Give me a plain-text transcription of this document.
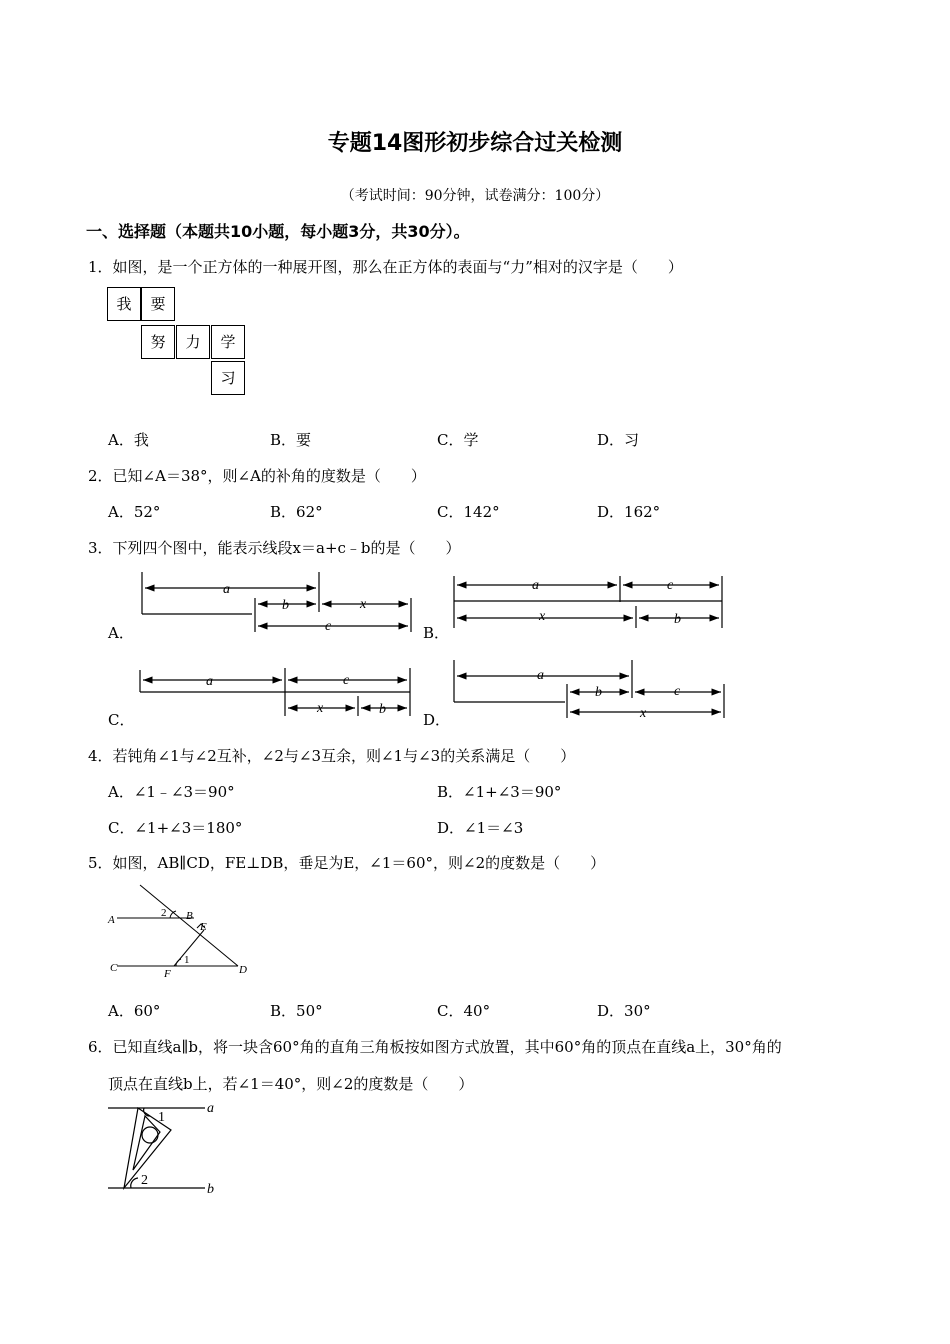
专题14图形初步综合过关检测
（考试时间：90分钟，试卷满分：100分）
一、选择题（本题共10小题，每小题3分，共30分）。
1．如图，是一个正方体的一种展开图，那么在正方体的表面与“力”相对的汉字是（　　）
我	要
努	力	学
习
A．我	B．要	C．学	D．习
2．已知∠A＝38°，则∠A的补角的度数是（　　）
A．52°	B．62°	C．142°	D．162°
3．下列四个图中，能表示线段x＝a+c﹣b的是（　　）
A．	B．
C．	D．
a
b	x
c
a	c
x	b
a	c
x	b
a
b	c
x
A	B
C	D
E
F
2
1
1
2
a
b
4．若钝角∠1与∠2互补，∠2与∠3互余，则∠1与∠3的关系满足（　　）
A．∠1﹣∠3＝90°	B．∠1+∠3＝90°
C．∠1+∠3＝180°	D．∠1＝∠3
5．如图，AB∥CD，FE⊥DB，垂足为E，∠1＝60°，则∠2的度数是（　　）
A．60°	B．50°	C．40°	D．30°
6．已知直线a∥b，将一块含60°角的直角三角板按如图方式放置，其中60°角的顶点在直线a上，30°角的
顶点在直线b上，若∠1＝40°，则∠2的度数是（　　）
